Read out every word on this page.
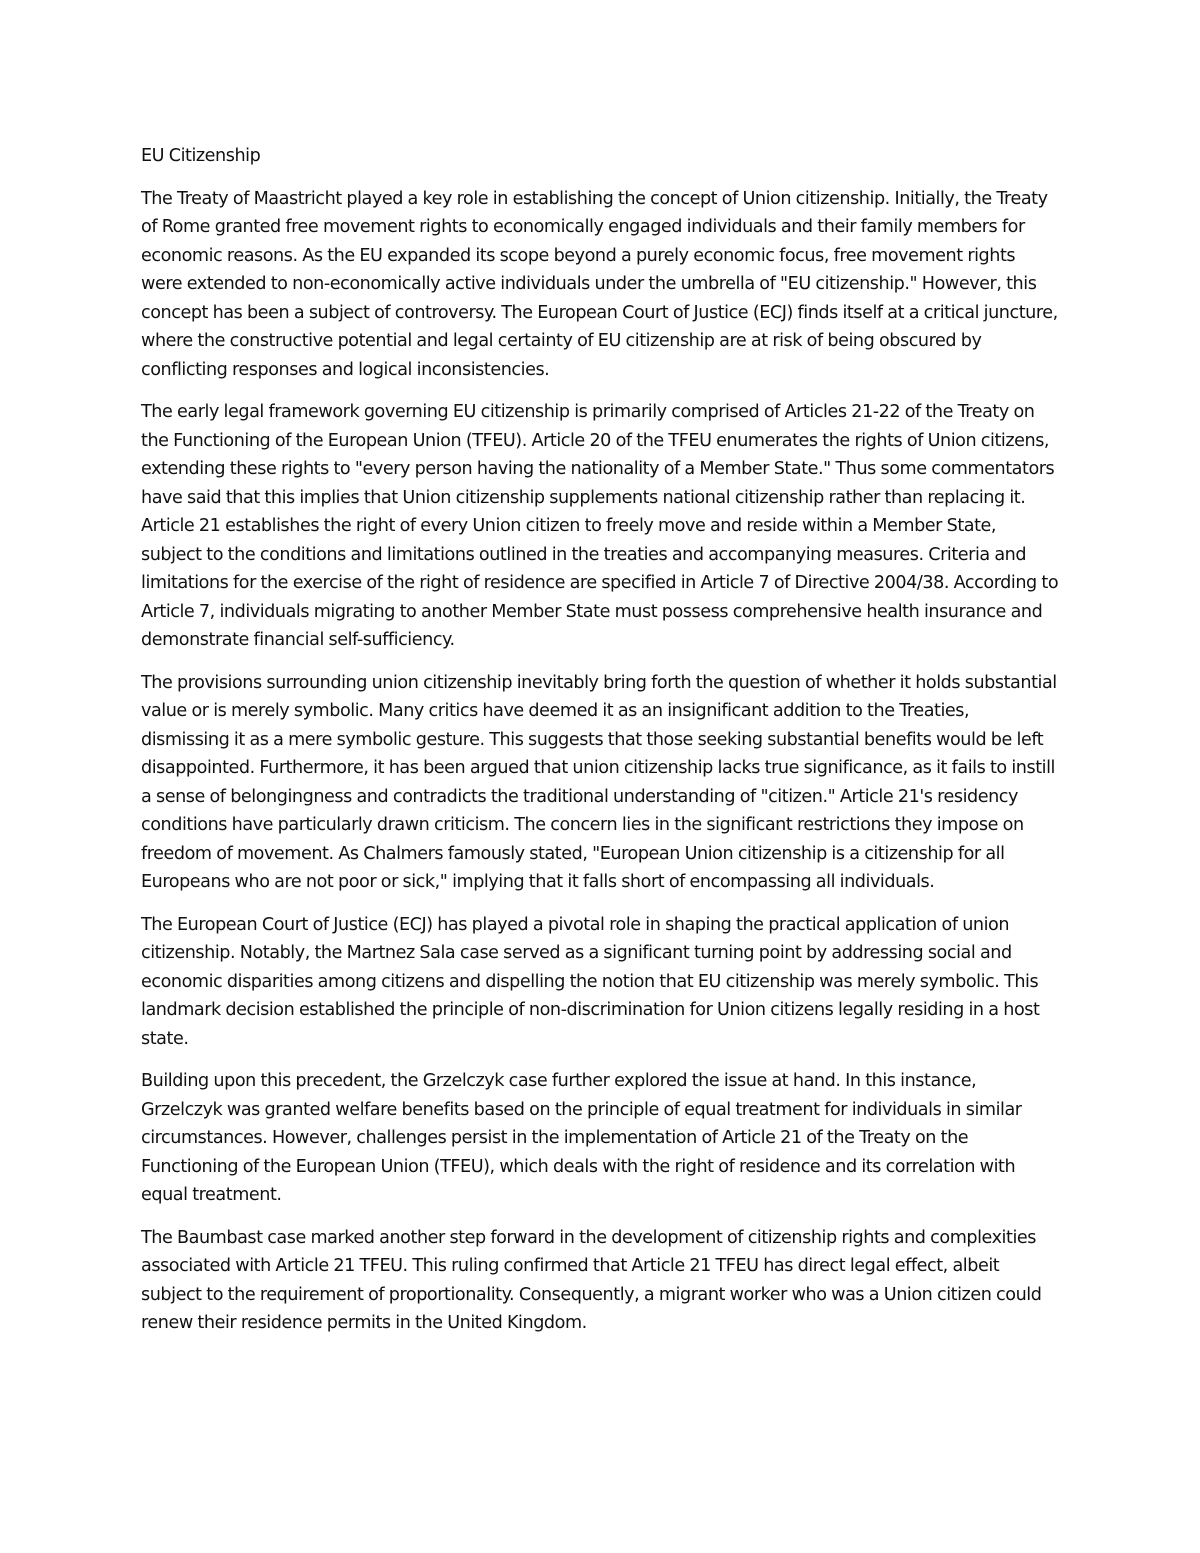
EU Citizenship

The Treaty of Maastricht played a key role in establishing the concept of Union citizenship. Initially, the Treaty of Rome granted free movement rights to economically engaged individuals and their family members for economic reasons. As the EU expanded its scope beyond a purely economic focus, free movement rights were extended to non-economically active individuals under the umbrella of "EU citizenship." However, this concept has been a subject of controversy. The European Court of Justice (ECJ) finds itself at a critical juncture, where the constructive potential and legal certainty of EU citizenship are at risk of being obscured by conflicting responses and logical inconsistencies.

The early legal framework governing EU citizenship is primarily comprised of Articles 21-22 of the Treaty on the Functioning of the European Union (TFEU). Article 20 of the TFEU enumerates the rights of Union citizens, extending these rights to "every person having the nationality of a Member State." Thus some commentators have said that this implies that Union citizenship supplements national citizenship rather than replacing it. Article 21 establishes the right of every Union citizen to freely move and reside within a Member State, subject to the conditions and limitations outlined in the treaties and accompanying measures. Criteria and limitations for the exercise of the right of residence are specified in Article 7 of Directive 2004/38. According to Article 7, individuals migrating to another Member State must possess comprehensive health insurance and demonstrate financial self-sufficiency.

The provisions surrounding union citizenship inevitably bring forth the question of whether it holds substantial value or is merely symbolic. Many critics have deemed it as an insignificant addition to the Treaties, dismissing it as a mere symbolic gesture. This suggests that those seeking substantial benefits would be left disappointed. Furthermore, it has been argued that union citizenship lacks true significance, as it fails to instill a sense of belongingness and contradicts the traditional understanding of "citizen." Article 21's residency conditions have particularly drawn criticism. The concern lies in the significant restrictions they impose on freedom of movement. As Chalmers famously stated, "European Union citizenship is a citizenship for all Europeans who are not poor or sick," implying that it falls short of encompassing all individuals.

The European Court of Justice (ECJ) has played a pivotal role in shaping the practical application of union citizenship. Notably, the Martnez Sala case served as a significant turning point by addressing social and economic disparities among citizens and dispelling the notion that EU citizenship was merely symbolic. This landmark decision established the principle of non-discrimination for Union citizens legally residing in a host state.

Building upon this precedent, the Grzelczyk case further explored the issue at hand. In this instance, Grzelczyk was granted welfare benefits based on the principle of equal treatment for individuals in similar circumstances. However, challenges persist in the implementation of Article 21 of the Treaty on the Functioning of the European Union (TFEU), which deals with the right of residence and its correlation with equal treatment.

The Baumbast case marked another step forward in the development of citizenship rights and complexities associated with Article 21 TFEU. This ruling confirmed that Article 21 TFEU has direct legal effect, albeit subject to the requirement of proportionality. Consequently, a migrant worker who was a Union citizen could renew their residence permits in the United Kingdom.
